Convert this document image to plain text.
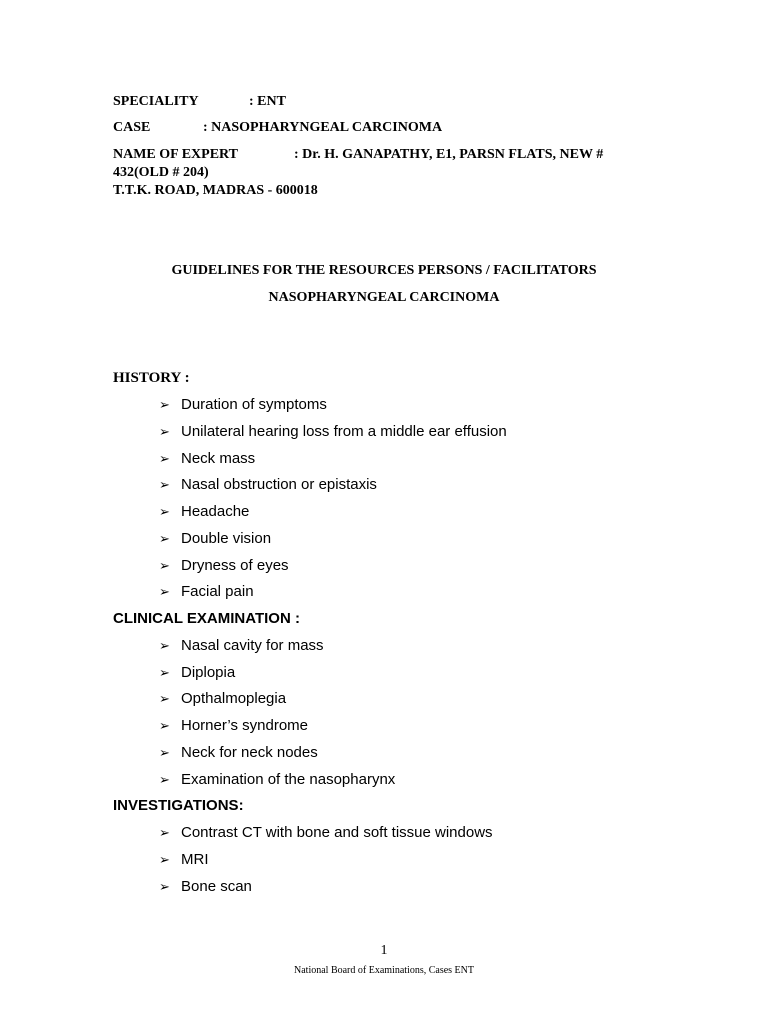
SPECIALITY	: ENT
CASE	: NASOPHARYNGEAL CARCINOMA
NAME OF EXPERT	: Dr. H. GANAPATHY, E1, PARSN FLATS, NEW #
432(OLD # 204)
T.T.K. ROAD, MADRAS - 600018
GUIDELINES FOR THE RESOURCES PERSONS / FACILITATORS
NASOPHARYNGEAL CARCINOMA
HISTORY :
➢ Duration of symptoms
➢ Unilateral hearing loss from a middle ear effusion
➢ Neck mass
➢ Nasal obstruction or epistaxis
➢ Headache
➢ Double vision
➢ Dryness of eyes
➢ Facial pain
CLINICAL EXAMINATION :
➢ Nasal cavity for mass
➢ Diplopia
➢ Opthalmoplegia
➢ Horner’s syndrome
➢ Neck for neck nodes
➢ Examination of the nasopharynx
INVESTIGATIONS:
➢ Contrast CT with bone and soft tissue windows
➢ MRI
➢ Bone scan
1
National Board of Examinations, Cases ENT
